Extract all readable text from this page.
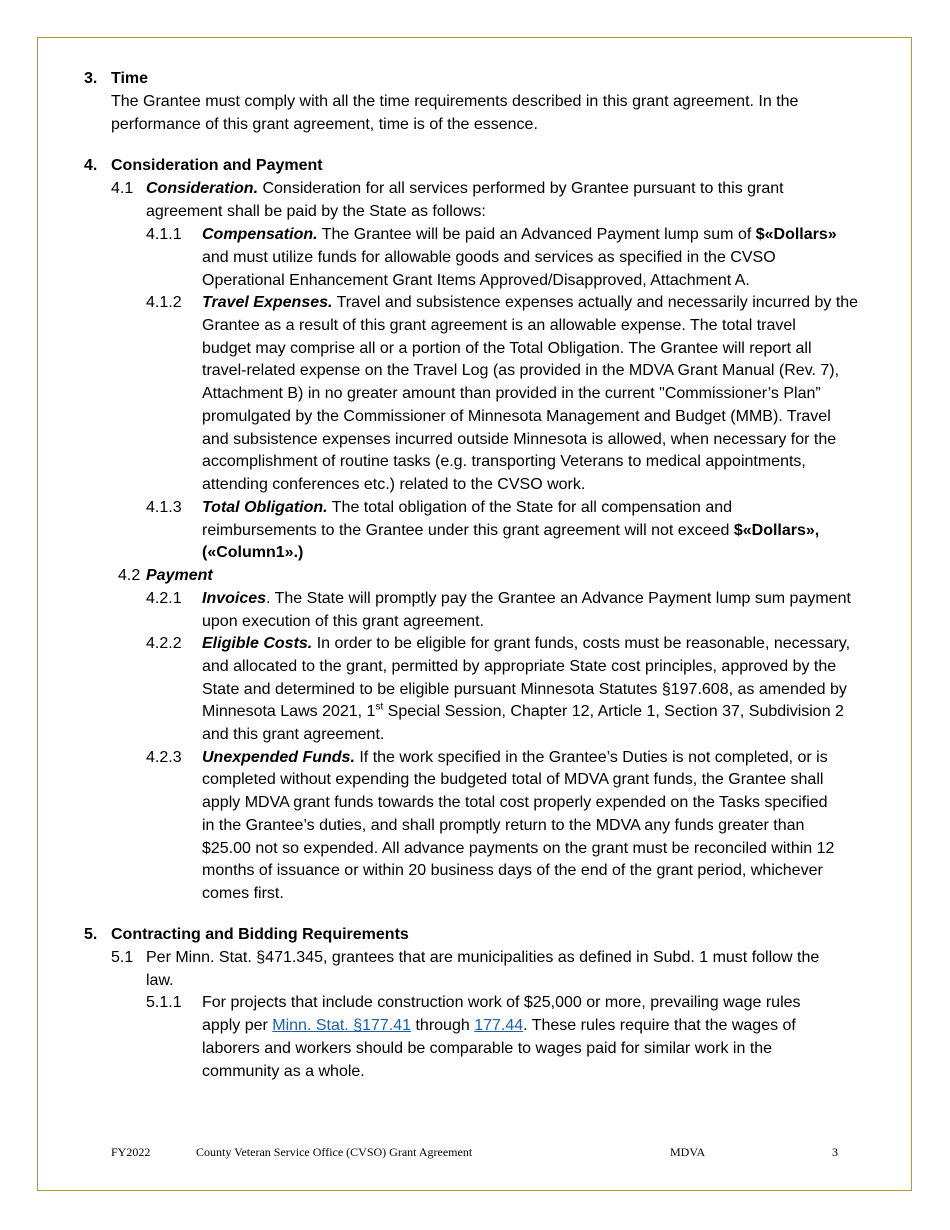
3. Time
The Grantee must comply with all the time requirements described in this grant agreement. In the
performance of this grant agreement, time is of the essence.
4. Consideration and Payment
4.1 Consideration. Consideration for all services performed by Grantee pursuant to this grant
agreement shall be paid by the State as follows:
4.1.1 Compensation. The Grantee will be paid an Advanced Payment lump sum of $«Dollars»
and must utilize funds for allowable goods and services as specified in the CVSO
Operational Enhancement Grant Items Approved/Disapproved, Attachment A.
4.1.2 Travel Expenses. Travel and subsistence expenses actually and necessarily incurred by the
Grantee as a result of this grant agreement is an allowable expense. The total travel
budget may comprise all or a portion of the Total Obligation. The Grantee will report all
travel-related expense on the Travel Log (as provided in the MDVA Grant Manual (Rev. 7),
Attachment B) in no greater amount than provided in the current "Commissioner’s Plan”
promulgated by the Commissioner of Minnesota Management and Budget (MMB). Travel
and subsistence expenses incurred outside Minnesota is allowed, when necessary for the
accomplishment of routine tasks (e.g. transporting Veterans to medical appointments,
attending conferences etc.) related to the CVSO work.
4.1.3 Total Obligation. The total obligation of the State for all compensation and
reimbursements to the Grantee under this grant agreement will not exceed $«Dollars»,
(«Column1».)
4.2 Payment
4.2.1 Invoices. The State will promptly pay the Grantee an Advance Payment lump sum payment
upon execution of this grant agreement.
4.2.2 Eligible Costs. In order to be eligible for grant funds, costs must be reasonable, necessary,
and allocated to the grant, permitted by appropriate State cost principles, approved by the
State and determined to be eligible pursuant Minnesota Statutes §197.608, as amended by
Minnesota Laws 2021, 1st Special Session, Chapter 12, Article 1, Section 37, Subdivision 2
and this grant agreement.
4.2.3 Unexpended Funds. If the work specified in the Grantee’s Duties is not completed, or is
completed without expending the budgeted total of MDVA grant funds, the Grantee shall
apply MDVA grant funds towards the total cost properly expended on the Tasks specified
in the Grantee’s duties, and shall promptly return to the MDVA any funds greater than
$25.00 not so expended. All advance payments on the grant must be reconciled within 12
months of issuance or within 20 business days of the end of the grant period, whichever
comes first.
5. Contracting and Bidding Requirements
5.1 Per Minn. Stat. §471.345, grantees that are municipalities as defined in Subd. 1 must follow the
law.
5.1.1 For projects that include construction work of $25,000 or more, prevailing wage rules
apply per Minn. Stat. §177.41 through 177.44. These rules require that the wages of
laborers and workers should be comparable to wages paid for similar work in the
community as a whole.
FY2022	County Veteran Service Office (CVSO) Grant Agreement	MDVA	3
